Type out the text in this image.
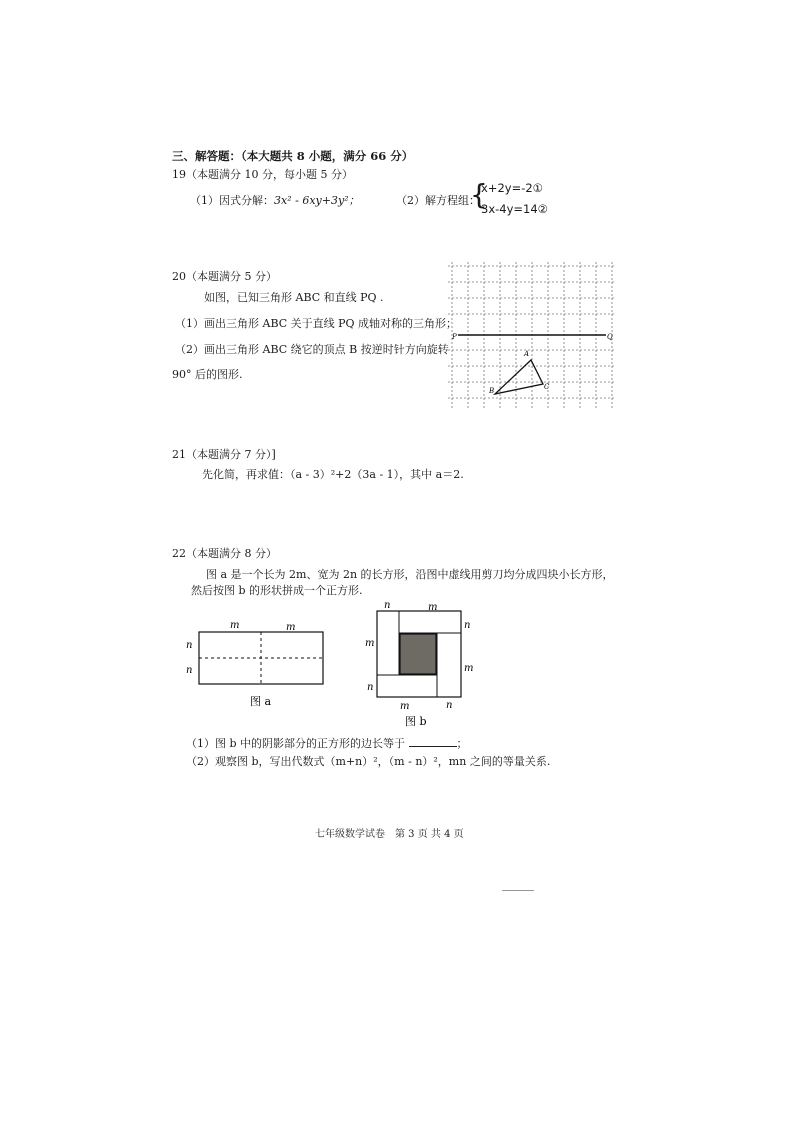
三、解答题：（本大题共 8 小题，满分 66 分）
19（本题满分 10 分，每小题 5 分）
（1）因式分解：3x² - 6xy+3y²；	（2）解方程组：
{
x+2y=-2①
3x-4y=14②
20（本题满分 5 分）
如图，已知三角形 ABC 和直线 PQ .
（1）画出三角形 ABC 关于直线 PQ 成轴对称的三角形；
（2）画出三角形 ABC 绕它的顶点 B 按逆时针方向旋转
90° 后的图形.
P	Q
A
B	C
21（本题满分 7 分）]
先化简，再求值：（a - 3）²+2（3a - 1），其中 a＝2.
22（本题满分 8 分）
图 a 是一个长为 2m、宽为 2n 的长方形，沿图中虚线用剪刀均分成四块小长方形，
然后按图 b 的形状拼成一个正方形.
m	m
n
n
图 a
n	m
m
n
m
n
m	n
图 b
（1）图 b 中的阴影部分的正方形的边长等于	；
（2）观察图 b，写出代数式（m+n）²，（m - n）²，mn 之间的等量关系.
七年级数学试卷　第 3 页 共 4 页
